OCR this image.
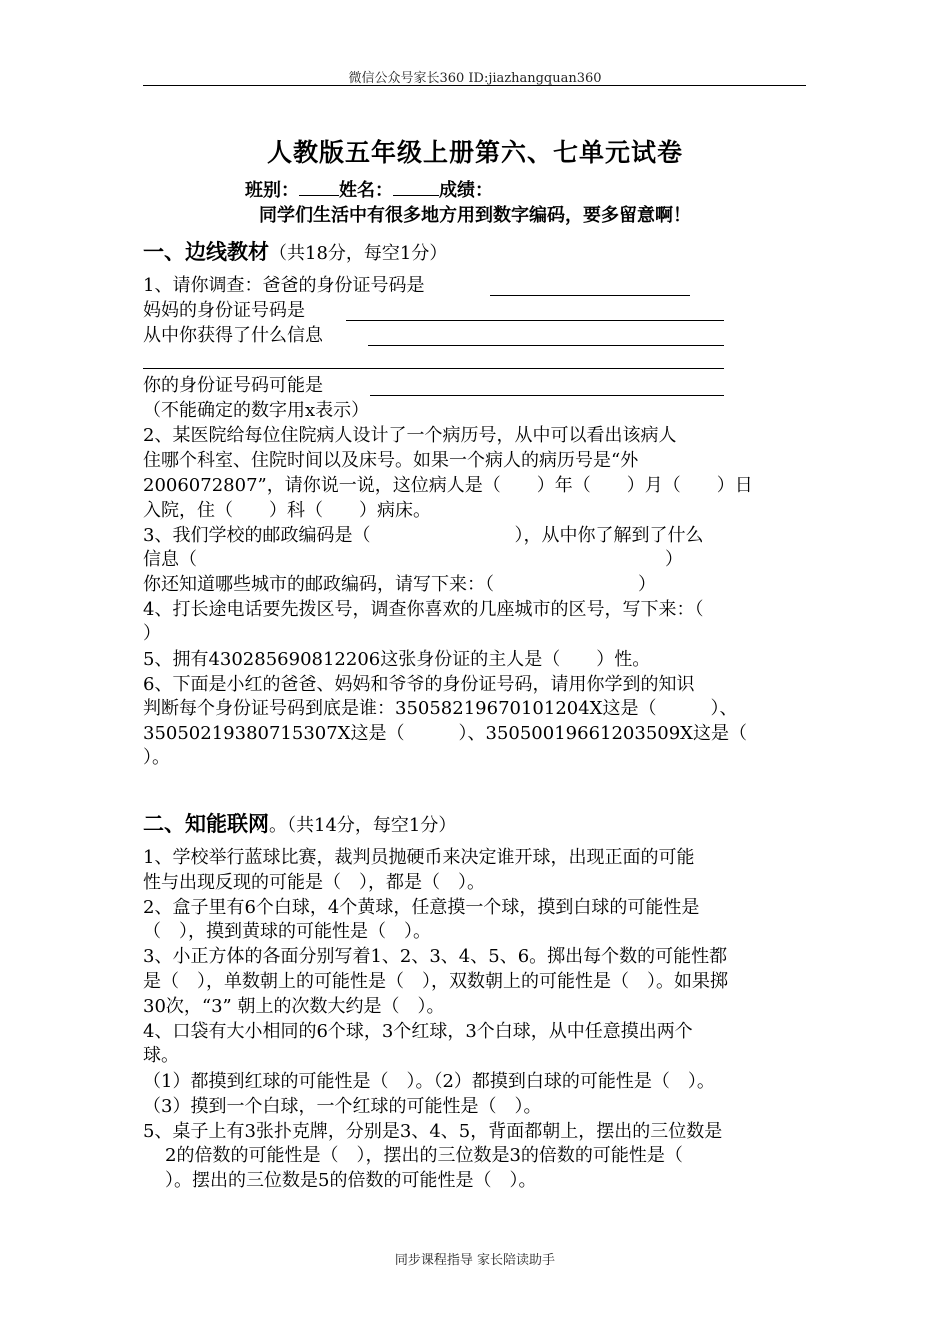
微信公众号家长360 ID:jiazhangquan360
人教版五年级上册第六、七单元试卷
班别： 姓名：	成绩：
同学们生活中有很多地方用到数字编码，要多留意啊！
一、边线教材（共18分，每空1分）
1、请你调查：爸爸的身份证号码是
妈妈的身份证号码是
从中你获得了什么信息
你的身份证号码可能是
（不能确定的数字用x表示）
2、某医院给每位住院病人设计了一个病历号，从中可以看出该病人
住哪个科室、住院时间以及床号。如果一个病人的病历号是“外
2006072807”，请你说一说，这位病人是（　　）年（　　）月（　　）日
入院，住（　　）科（　　）病床。
3、我们学校的邮政编码是（　　　　　　　　），从中你了解到了什么
信息（　　　　　　　　　　　　　　　　　　　　　　　　　　）
你还知道哪些城市的邮政编码，请写下来：（　　　　　　　　）
4、打长途电话要先拨区号，调查你喜欢的几座城市的区号，写下来：（
）
5、拥有430285690812206这张身份证的主人是（　　）性。
6、下面是小红的爸爸、妈妈和爷爷的身份证号码，请用你学到的知识
判断每个身份证号码到底是谁：35058219670101204X这是（　　　）、
35050219380715307X这是（　　　）、35050019661203509X这是（
）。
二、知能联网。（共14分，每空1分）
1、学校举行蓝球比赛，裁判员抛硬币来决定谁开球，出现正面的可能
性与出现反现的可能是（　），都是（　）。
2、盒子里有6个白球，4个黄球，任意摸一个球，摸到白球的可能性是
（　），摸到黄球的可能性是（　）。
3、小正方体的各面分别写着1、2、3、4、5、6。掷出每个数的可能性都
是（　），单数朝上的可能性是（　），双数朝上的可能性是（　）。如果掷
30次，“3” 朝上的次数大约是（　）。
4、口袋有大小相同的6个球，3个红球，3个白球，从中任意摸出两个
球。
（1）都摸到红球的可能性是（　）。（2）都摸到白球的可能性是（　）。
（3）摸到一个白球，一个红球的可能性是（　）。
5、桌子上有3张扑克牌，分别是3、4、5，背面都朝上，摆出的三位数是
2的倍数的可能性是（　），摆出的三位数是3的倍数的可能性是（
）。摆出的三位数是5的倍数的可能性是（　）。
同步课程指导 家长陪读助手
